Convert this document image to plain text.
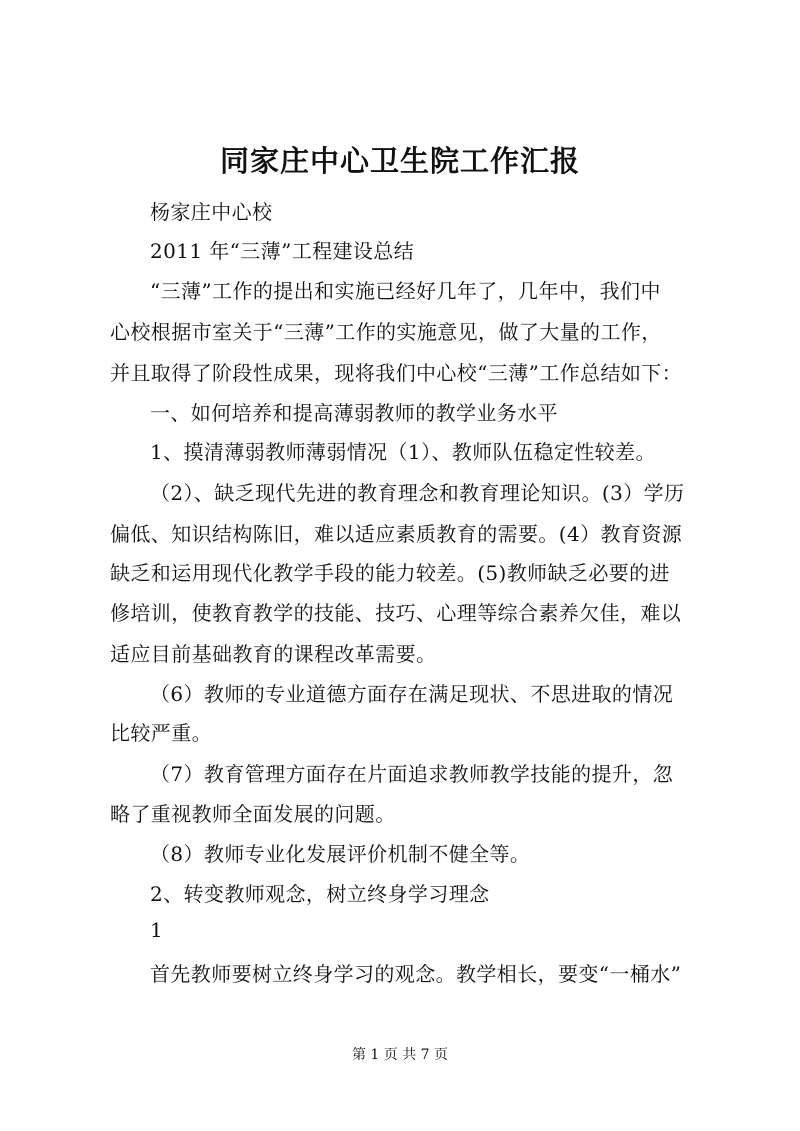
同家庄中心卫生院工作汇报
杨家庄中心校
2011 年“三薄”工程建设总结
“三薄”工作的提出和实施已经好几年了，几年中，我们中
心校根据市室关于“三薄”工作的实施意见，做了大量的工作，
并且取得了阶段性成果，现将我们中心校“三薄”工作总结如下：
一、如何培养和提高薄弱教师的教学业务水平
1、摸清薄弱教师薄弱情况（1）、教师队伍稳定性较差。
（2）、缺乏现代先进的教育理念和教育理论知识。(3）学历
偏低、知识结构陈旧，难以适应素质教育的需要。(4）教育资源
缺乏和运用现代化教学手段的能力较差。(5)教师缺乏必要的进
修培训，使教育教学的技能、技巧、心理等综合素养欠佳，难以
适应目前基础教育的课程改革需要。
（6）教师的专业道德方面存在满足现状、不思进取的情况
比较严重。
（7）教育管理方面存在片面追求教师教学技能的提升，忽
略了重视教师全面发展的问题。
（8）教师专业化发展评价机制不健全等。
2、转变教师观念，树立终身学习理念
1
首先教师要树立终身学习的观念。教学相长，要变“一桶水”
第 1 页 共 7 页
